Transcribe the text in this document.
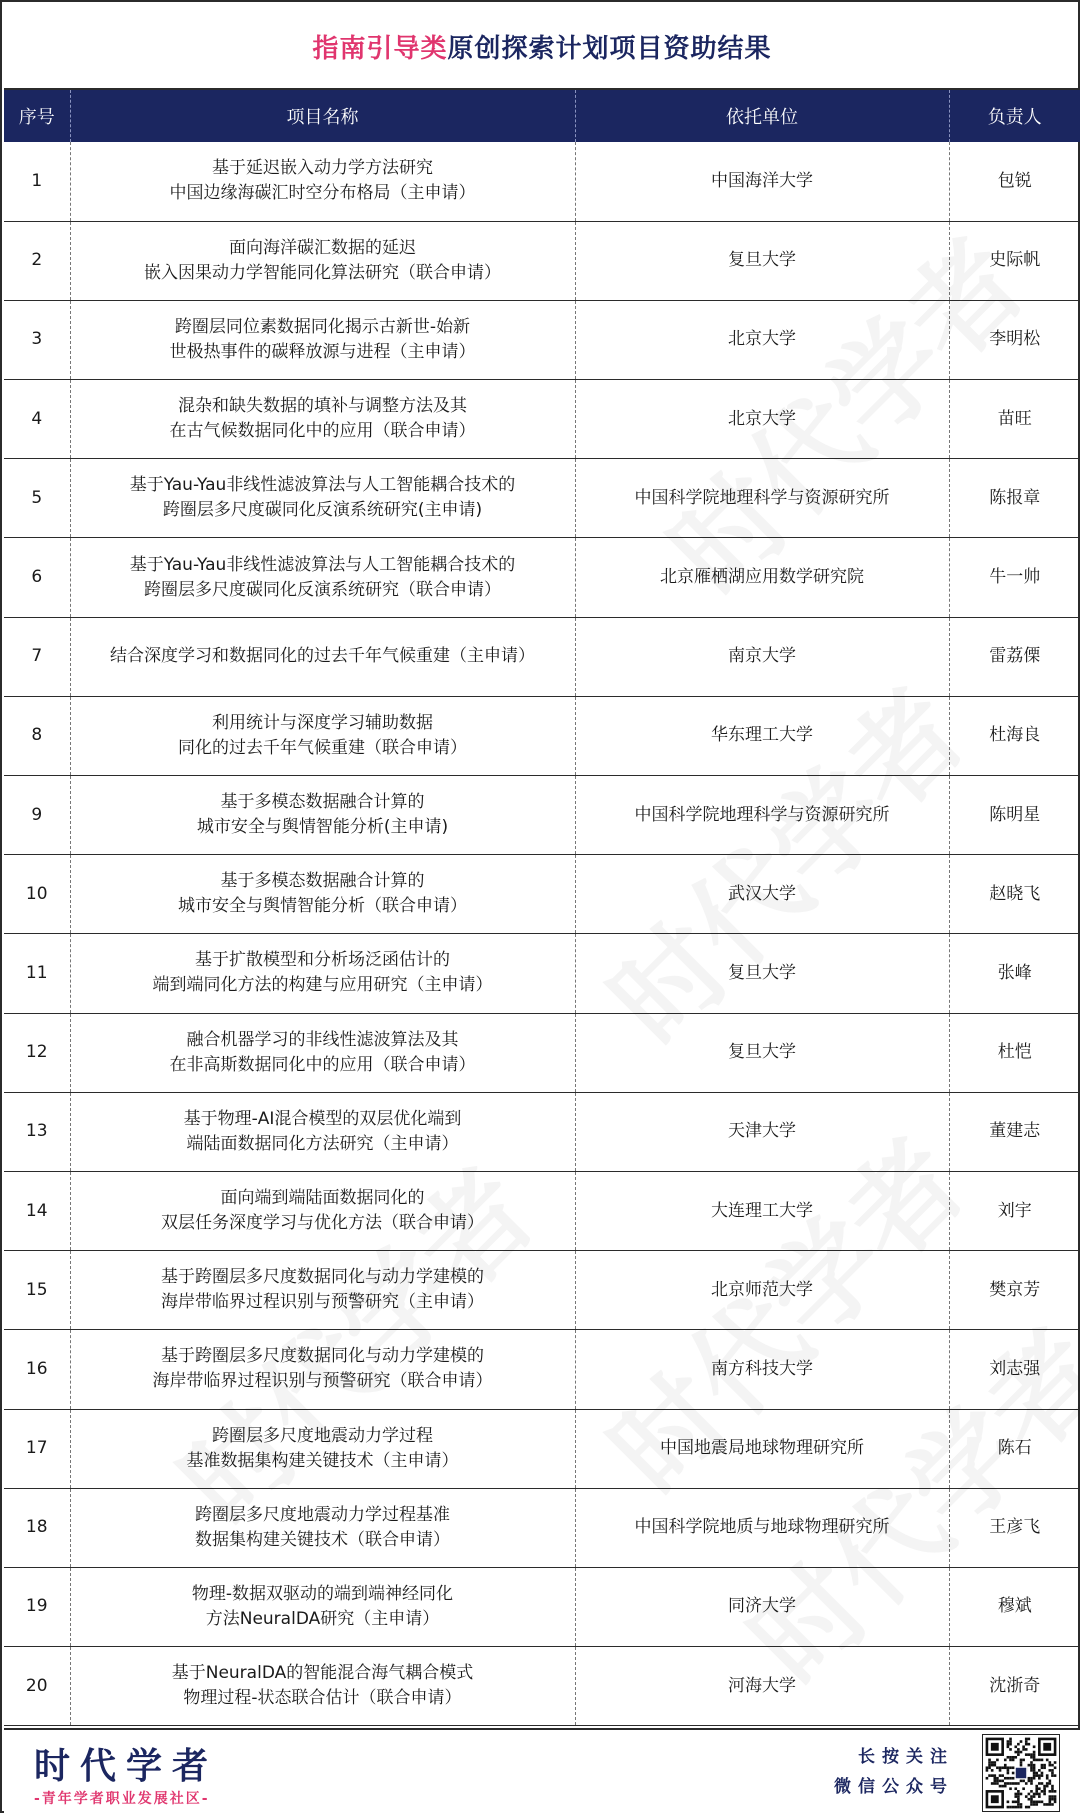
指南引导类 原创探索计划项目资助结果
序号	项目名称	依托单位	负责人
1	基于延迟嵌入动力学方法研究
中国边缘海碳汇时空分布格局（主申请）	中国海洋大学	包锐
2	面向海洋碳汇数据的延迟
嵌入因果动力学智能同化算法研究（联合申请）	复旦大学	史际帆
3	跨圈层同位素数据同化揭示古新世-始新
世极热事件的碳释放源与进程（主申请）	北京大学	李明松
4	混杂和缺失数据的填补与调整方法及其
在古气候数据同化中的应用（联合申请）	北京大学	苗旺
5	基于Yau-Yau非线性滤波算法与人工智能耦合技术的
跨圈层多尺度碳同化反演系统研究(主申请)	中国科学院地理科学与资源研究所	陈报章
6	基于Yau-Yau非线性滤波算法与人工智能耦合技术的
跨圈层多尺度碳同化反演系统研究（联合申请）	北京雁栖湖应用数学研究院	牛一帅
7	结合深度学习和数据同化的过去千年气候重建（主申请）	南京大学	雷荔傈
8	利用统计与深度学习辅助数据
同化的过去千年气候重建（联合申请）	华东理工大学	杜海良
9	基于多模态数据融合计算的
城市安全与舆情智能分析(主申请)	中国科学院地理科学与资源研究所	陈明星
10	基于多模态数据融合计算的
城市安全与舆情智能分析（联合申请）	武汉大学	赵晓飞
11	基于扩散模型和分析场泛函估计的
端到端同化方法的构建与应用研究（主申请）	复旦大学	张峰
12	融合机器学习的非线性滤波算法及其
在非高斯数据同化中的应用（联合申请）	复旦大学	杜恺
13	基于物理-AI混合模型的双层优化端到
端陆面数据同化方法研究（主申请）	天津大学	董建志
14	面向端到端陆面数据同化的
双层任务深度学习与优化方法（联合申请）	大连理工大学	刘宇
15	基于跨圈层多尺度数据同化与动力学建模的
海岸带临界过程识别与预警研究（主申请）	北京师范大学	樊京芳
16	基于跨圈层多尺度数据同化与动力学建模的
海岸带临界过程识别与预警研究（联合申请）	南方科技大学	刘志强
17	跨圈层多尺度地震动力学过程
基准数据集构建关键技术（主申请）	中国地震局地球物理研究所	陈石
18	跨圈层多尺度地震动力学过程基准
数据集构建关键技术（联合申请）	中国科学院地质与地球物理研究所	王彦飞
19	物理-数据双驱动的端到端神经同化
方法NeuralDA研究（主申请）	同济大学	穆斌
20	基于NeuralDA的智能混合海气耦合模式
物理过程-状态联合估计（联合申请）	河海大学	沈浙奇
时代学者
-青年学者职业发展社区-
长按关注
微信公众号
